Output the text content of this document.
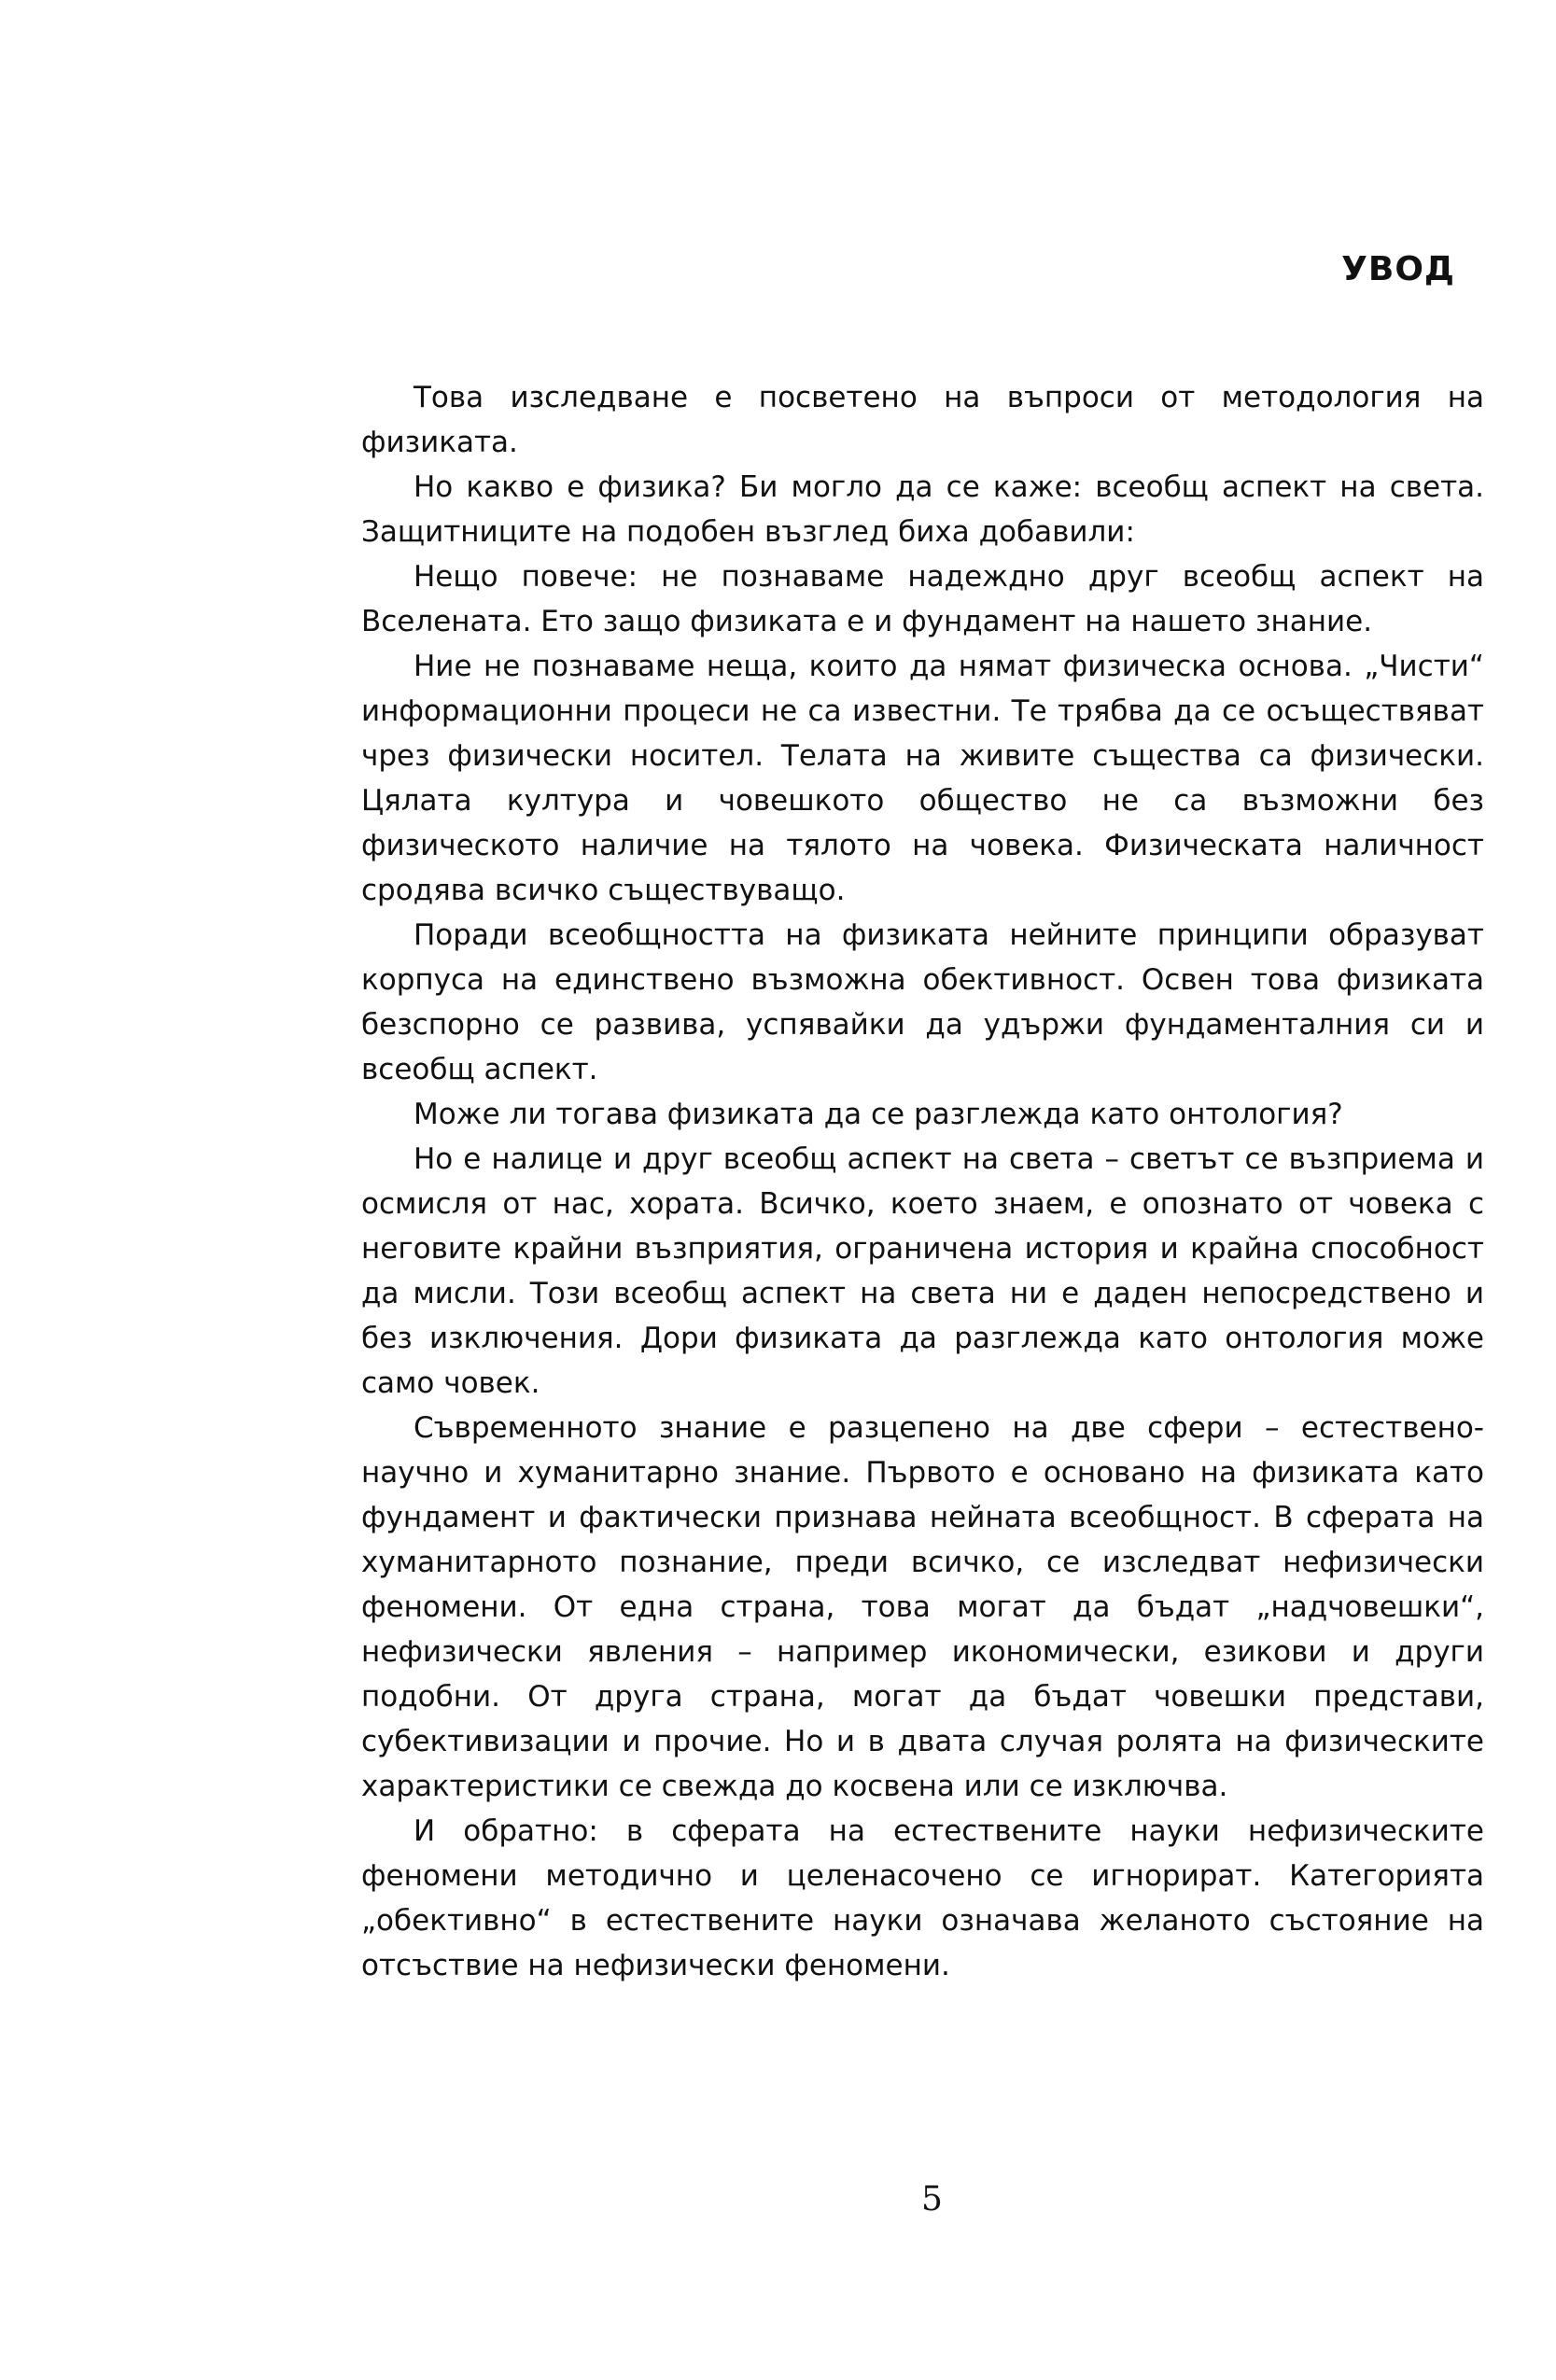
УВОД

Това изследване е посветено на въпроси от методология на физиката.

Но какво е физика? Би могло да се каже: всеобщ аспект на света. Защитниците на подобен възглед биха добавили:

Нещо повече: не познаваме надеждно друг всеобщ аспект на Вселената. Ето защо физиката е и фундамент на нашето знание.

Ние не познаваме неща, които да нямат физическа основа. „Чисти“ информационни процеси не са известни. Те трябва да се осъществяват чрез физически носител. Телата на живите същества са физически. Цялата култура и човешкото общество не са възможни без физическото наличие на тялото на човека. Физическата наличност сродява всичко съществуващо.

Поради всеобщността на физиката нейните принципи образуват корпуса на единствено възможна обективност. Освен това физиката безспорно се развива, успявайки да удържи фундаменталния си и всеобщ аспект.

Може ли тогава физиката да се разглежда като онтология?

Но е налице и друг всеобщ аспект на света – светът се възприема и осмисля от нас, хората. Всичко, което знаем, е опознато от човека с неговите крайни възприятия, ограничена история и крайна способност да мисли. Този всеобщ аспект на света ни е даден непосредствено и без изключения. Дори физиката да разглежда като онтология може само човек.

Съвременното знание е разцепено на две сфери – естествено-научно и хуманитарно знание. Първото е основано на физиката като фундамент и фактически признава нейната всеобщност. В сферата на хуманитарното познание, преди всичко, се изследват нефизически феномени. От една страна, това могат да бъдат „надчовешки“, нефизически явления – например икономически, езикови и други подобни. От друга страна, могат да бъдат човешки представи, субективизации и прочие. Но и в двата случая ролята на физическите характеристики се свежда до косвена или се изключва.

И обратно: в сферата на естествените науки нефизическите феномени методично и целенасочено се игнорират. Категорията „обективно“ в естествените науки означава желаното състояние на отсъствие на нефизически феномени.

5
